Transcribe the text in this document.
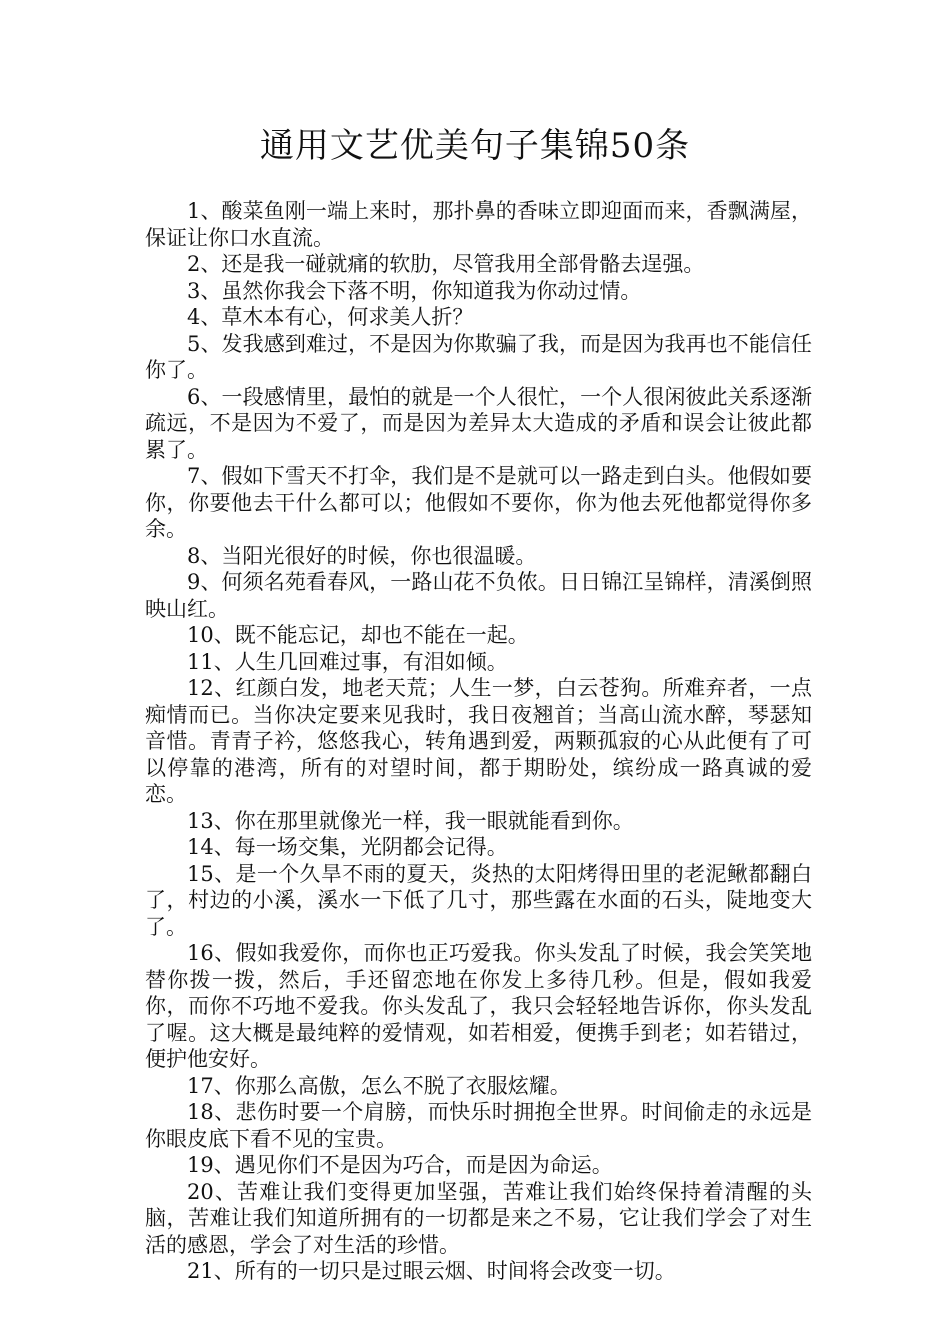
通用文艺优美句子集锦50条

1、酸菜鱼刚一端上来时，那扑鼻的香味立即迎面而来，香飘满屋，保证让你口水直流。

2、还是我一碰就痛的软肋，尽管我用全部骨骼去逞强。

3、虽然你我会下落不明，你知道我为你动过情。

4、草木本有心，何求美人折？

5、发我感到难过，不是因为你欺骗了我，而是因为我再也不能信任你了。

6、一段感情里，最怕的就是一个人很忙，一个人很闲彼此关系逐渐疏远，不是因为不爱了，而是因为差异太大造成的矛盾和误会让彼此都累了。

7、假如下雪天不打伞，我们是不是就可以一路走到白头。他假如要你，你要他去干什么都可以；他假如不要你，你为他去死他都觉得你多余。

8、当阳光很好的时候，你也很温暖。

9、何须名苑看春风，一路山花不负侬。日日锦江呈锦样，清溪倒照映山红。

10、既不能忘记，却也不能在一起。

11、人生几回难过事，有泪如倾。

12、红颜白发，地老天荒；人生一梦，白云苍狗。所难弃者，一点痴情而已。当你决定要来见我时，我日夜翘首；当高山流水醉，琴瑟知音惜。青青子衿，悠悠我心，转角遇到爱，两颗孤寂的心从此便有了可以停靠的港湾，所有的对望时间，都于期盼处，缤纷成一路真诚的爱恋。

13、你在那里就像光一样，我一眼就能看到你。

14、每一场交集，光阴都会记得。

15、是一个久旱不雨的夏天，炎热的太阳烤得田里的老泥鳅都翻白了，村边的小溪，溪水一下低了几寸，那些露在水面的石头，陡地变大了。

16、假如我爱你，而你也正巧爱我。你头发乱了时候，我会笑笑地替你拨一拨，然后，手还留恋地在你发上多待几秒。但是，假如我爱你，而你不巧地不爱我。你头发乱了，我只会轻轻地告诉你，你头发乱了喔。这大概是最纯粹的爱情观，如若相爱，便携手到老；如若错过，便护他安好。

17、你那么高傲，怎么不脱了衣服炫耀。

18、悲伤时要一个肩膀，而快乐时拥抱全世界。时间偷走的永远是你眼皮底下看不见的宝贵。

19、遇见你们不是因为巧合，而是因为命运。

20、苦难让我们变得更加坚强，苦难让我们始终保持着清醒的头脑，苦难让我们知道所拥有的一切都是来之不易，它让我们学会了对生活的感恩，学会了对生活的珍惜。

21、所有的一切只是过眼云烟、时间将会改变一切。
